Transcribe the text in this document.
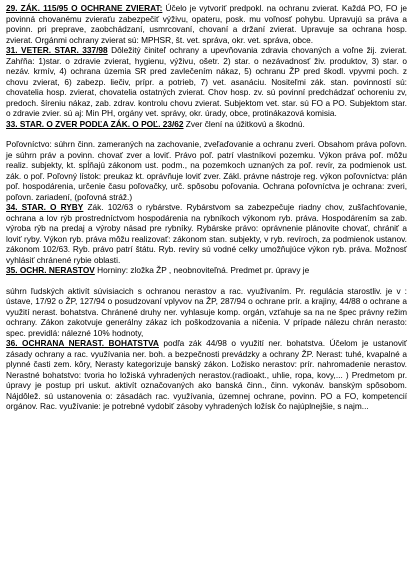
29. ZÁK. 115/95 O OCHRANE ZVIERAT: Účelo je vytvoriť predpokl. na ochranu zvierat. Každá PO, FO je povinná chovanému zvieraťu zabezpečiť výživu, opateru, posk. mu voľnosť pohybu. Upravujú sa práva a povinn. pri preprave, zaobchádzaní, usmrcovaní, chovaní a držaní zvierat. Upravuje sa ochrana hosp. zvierat. Orgánmi ochrany zvierat sú: MPHSR, št. vet. správa, okr. vet. správa, obce.

31. VETER. STAR. 337/98 Dôležitý činiteľ ochrany a upevňovania zdravia chovaných a voľne žij. zvierat. Zahŕňa: 1)star. o zdravie zvierat, hygienu, výživu, ošetr. 2) star. o nezávadnosť živ. produktov, 3) star. o nezáv. krmív, 4) ochrana územia SR pred zavlečením nákaz, 5) ochranu ŽP pred škodl. vpyvmi poch. z chovu zvierat, 6) zabezp. liečiv, prípr. a potrieb, 7) vet. asanáciu. Nositeľmi zák. stan. povinností sú: chovatelia hosp. zvierat, chovatelia ostatných zvierat. Chov hosp. zv. sú povinní predchádzať ochoreniu zv, predoch. šíreniu nákaz, zab. zdrav. kontrolu chovu zvierat. Subjektom vet. star. sú FO a PO. Subjektom star. o zdravie zvier. sú aj: Min PH, orgány vet. správy, okr. úrady, obce, protinákazová komisia.

33. STAR. O ZVER PODĽA ZÁK. O POĽ. 23/62 Zver člení na úžitkovú a škodnú.

Poľovníctvo: súhrn činn. zameraných na zachovanie, zveľaďovanie a ochranu zveri. Obsahom práva poľovn. je súhrn práv a povinn. chovať zver a loviť. Právo poľ. patrí vlastníkovi pozemku. Výkon práva poľ. môžu realiz. subjekty, kt. spĺňajú zákonom ust. podm., na pozemkoch uznaných za poľ. revír, za podmienok ust. zák. o poľ. Poľovný lístok: preukaz kt. oprávňuje loviť zver. Zákl. právne nástroje reg. výkon poľovníctva: plán poľ. hospodárenia, určenie času poľovačky, urč. spôsobu poľovania. Ochrana poľovníctva je ochrana: zveri, poľovn. zariadení, (poľovná stráž.)

34. STAR. O RYBY Zák. 102/63 o rybárstve. Rybárstvom sa zabezpečuje riadny chov, zušľachťovanie, ochrana a lov rýb prostredníctvom hospodárenia na rybníkoch výkonom ryb. práva. Hospodárením sa zab. výroba rýb na predaj a výroby násad pre rybníky. Rybárske právo: oprávnenie plánovite chovať, chrániť a loviť ryby. Výkon ryb. práva môžu realizovať: zákonom stan. subjekty, v ryb. revíroch, za podmienok ustanov. zákonom 102/63. Ryb. právo patrí štátu. Ryb. revíry sú vodné celky umožňujúce výkon ryb. práva. Možnosť vyhlásiť chránené rybie oblasti.

35. OCHR. NERASTOV Horniny: zložka ŽP , neobnoviteľná. Predmet pr. úpravy je

súhrn ľudských aktivít súvisiacich s ochranou nerastov a rac. využívaním. Pr. regulácia starostliv. je v : ústave, 17/92 o ŽP, 127/94 o posudzovaní vplyvov na ŽP, 287/94 o ochrane prír. a krajiny, 44/88 o ochrane a využití nerast. bohatstva. Chránené druhy ner. vyhlasuje komp. orgán, vzťahuje sa na ne špec právny režim ochrany. Zákon zakotvuje generálny zákaz ich poškodzovania a ničenia. V prípade nálezu chrán nerasto: spec. previdlá: nálezné 10% hodnoty,

36. OCHRANA NERAST. BOHATSTVA podľa zák 44/98 o využití ner. bohatstva. Účelom je ustanoviť zásady ochrany a rac. využívania ner. boh. a bezpečnosti prevádzky a ochrany ŽP. Nerast: tuhé, kvapalné a plynné časti zem. kôry, Nerasty kategorizuje banský zákon. Ložisko nerastov: prír. nahromadenie nerastov. Nerastné bohatstvo: tvoria ho ložiská vyhradených nerastov.(radioakt., uhlie, ropa, kovy,... ) Predmetom pr. úpravy je postup pri uskut. aktivít označovaných ako banská činn., činn. vykonáv. banským spôsobom. Nájdôlež. sú ustanovenia o: zásadách rac. využívania, územnej ochrane, povinn. PO a FO, kompetencií orgánov. Rac. využívanie: je potrebné vydobiť zásoby vyhradených ložísk čo najúplnejšie, s najm...
